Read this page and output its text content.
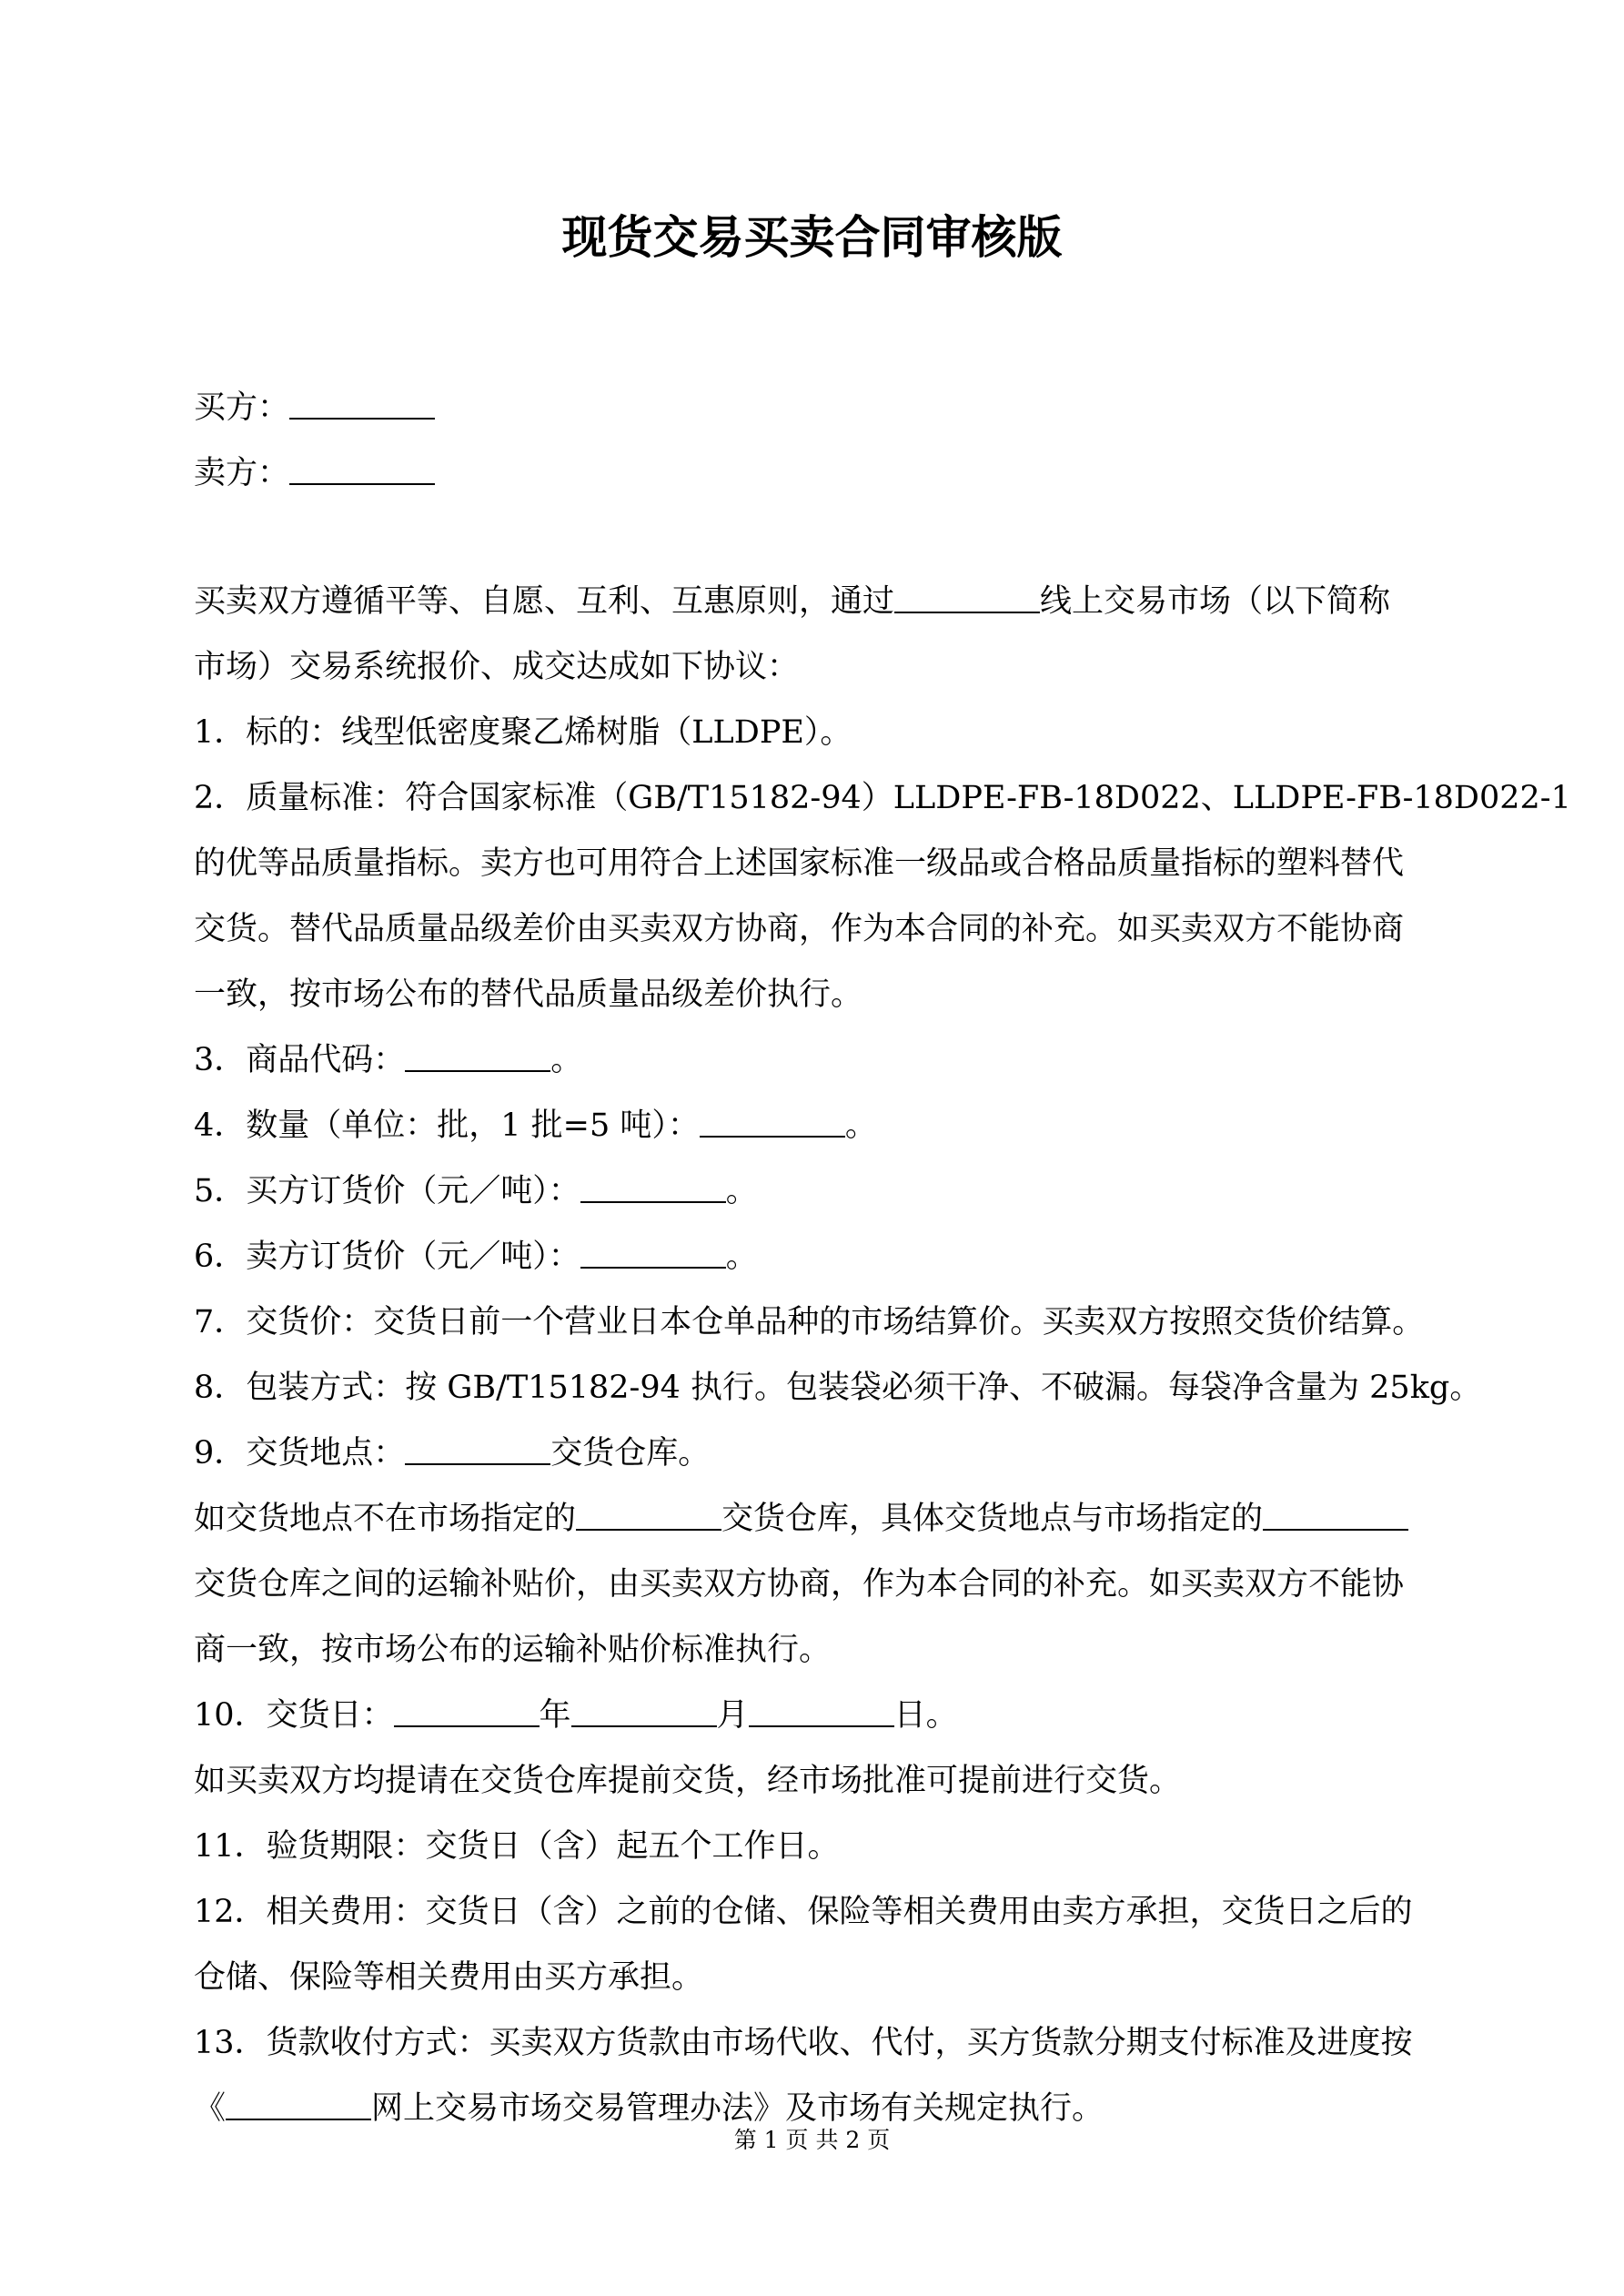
现货交易买卖合同审核版
买方：
卖方：
买卖双方遵循平等、自愿、互利、互惠原则，通过	线上交易市场（以下简称
市场）交易系统报价、成交达成如下协议：
1．标的：线型低密度聚乙烯树脂（LLDPE）。
2．质量标准：符合国家标准（GB/T15182-94）LLDPE-FB-18D022、LLDPE-FB-18D022-1
的优等品质量指标。卖方也可用符合上述国家标准一级品或合格品质量指标的塑料替代
交货。替代品质量品级差价由买卖双方协商，作为本合同的补充。如买卖双方不能协商
一致，按市场公布的替代品质量品级差价执行。
3．商品代码：	。
4．数量（单位：批，1 批=5 吨）：	。
5．买方订货价（元／吨）：	。
6．卖方订货价（元／吨）：	。
7．交货价：交货日前一个营业日本仓单品种的市场结算价。买卖双方按照交货价结算。
8．包装方式：按 GB/T15182-94 执行。包装袋必须干净、不破漏。每袋净含量为 25kg。
9．交货地点：	交货仓库。
如交货地点不在市场指定的	交货仓库，具体交货地点与市场指定的
交货仓库之间的运输补贴价，由买卖双方协商，作为本合同的补充。如买卖双方不能协
商一致，按市场公布的运输补贴价标准执行。
10．交货日：	年	月	日。
如买卖双方均提请在交货仓库提前交货，经市场批准可提前进行交货。
11．验货期限：交货日（含）起五个工作日。
12．相关费用：交货日（含）之前的仓储、保险等相关费用由卖方承担，交货日之后的
仓储、保险等相关费用由买方承担。
13．货款收付方式：买卖双方货款由市场代收、代付，买方货款分期支付标准及进度按
《	网上交易市场交易管理办法》及市场有关规定执行。
第 1 页 共 2 页
